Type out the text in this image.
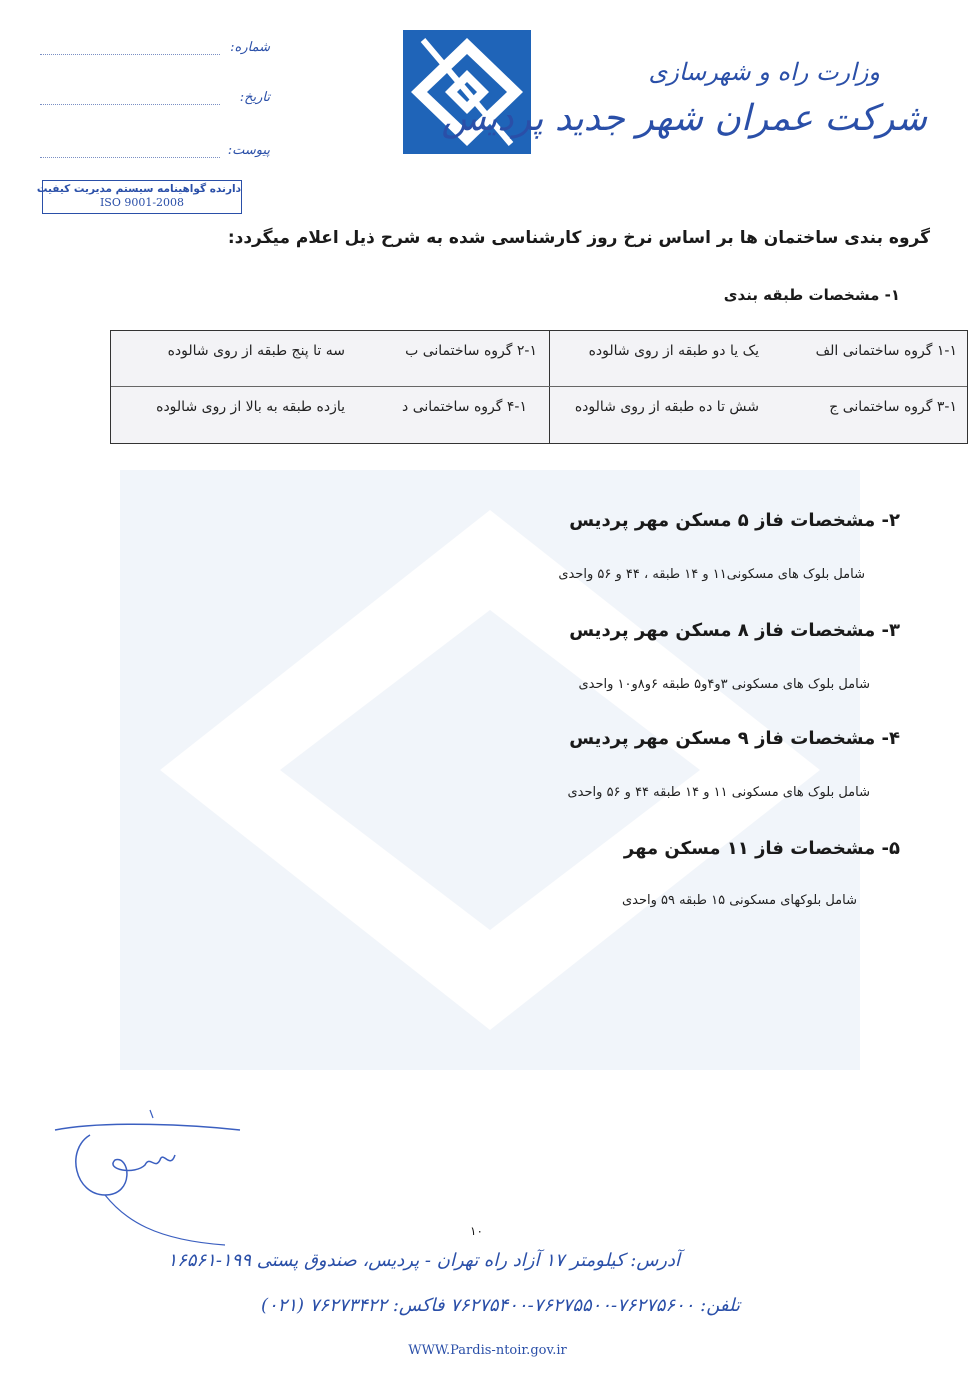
وزارت راه و شهرسازی
شرکت عمران شهر جدید پردیس
شماره:
تاریخ:
پیوست:
دارنده گواهینامه سیستم مدیریت کیفیت
ISO 9001-2008
گروه بندی ساختمان ها بر اساس نرخ روز کارشناسی شده به شرح ذیل اعلام میگردد:
۱- مشخصات طبقه بندی
۱-۱ گروه ساختمانی الف
یک یا دو طبقه از روی شالوده
۲-۱ گروه ساختمانی ب
سه تا پنج طبقه از روی شالوده
۳-۱ گروه ساختمانی ج
شش تا ده طبقه از روی شالوده
۴-۱ گروه ساختمانی د
یازده طبقه به بالا از روی شالوده
۲- مشخصات فاز ۵ مسکن مهر پردیس
شامل بلوک های مسکونی۱۱ و ۱۴ طبقه ، ۴۴ و ۵۶ واحدی
۳- مشخصات فاز ۸ مسکن مهر پردیس
شامل بلوک های مسکونی ۳و۴و۵ طبقه ۶و۸و۱۰ واحدی
۴- مشخصات فاز ۹ مسکن مهر پردیس
شامل بلوک های مسکونی ۱۱ و ۱۴ طبقه ۴۴ و ۵۶ واحدی
۵- مشخصات فاز ۱۱ مسکن مهر
شامل بلوکهای مسکونی ۱۵ طبقه ۵۹ واحدی
۱۰
آدرس: کیلومتر ۱۷ آزاد راه تهران - پردیس، صندوق پستی ۱۹۹-۱۶۵۶۱
تلفن: ۷۶۲۷۵۶۰۰-۷۶۲۷۵۵۰۰-۷۶۲۷۵۴۰۰ فاکس: ۷۶۲۷۳۴۲۲ (۰۲۱)
WWW.Pardis-ntoir.gov.ir
